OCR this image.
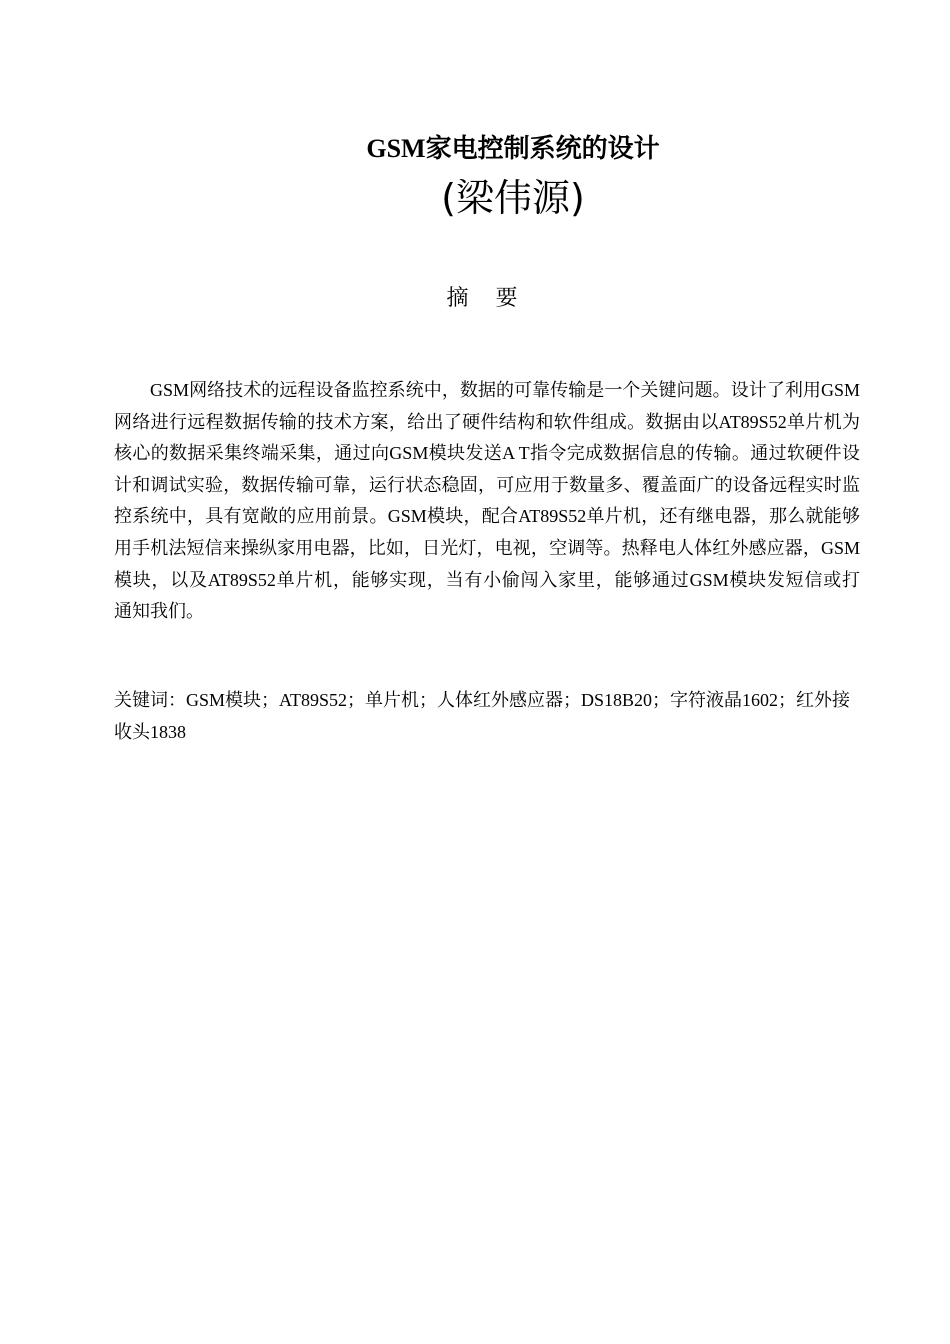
GSM家电控制系统的设计
(梁伟源)
摘 要

GSM网络技术的远程设备监控系统中，数据的可靠传输是一个关键问题。设计了利用GSM网络进行远程数据传输的技术方案，给出了硬件结构和软件组成。数据由以AT89S52单片机为核心的数据采集终端采集，通过向GSM模块发送A T指令完成数据信息的传输。通过软硬件设计和调试实验，数据传输可靠，运行状态稳固，可应用于数量多、覆盖面广的设备远程实时监控系统中，具有宽敞的应用前景。GSM模块，配合AT89S52单片机，还有继电器，那么就能够用手机法短信来操纵家用电器，比如，日光灯，电视，空调等。热释电人体红外感应器，GSM模块，以及AT89S52单片机，能够实现，当有小偷闯入家里，能够通过GSM模块发短信或打　通知我们。

关键词：GSM模块；AT89S52；单片机；人体红外感应器；DS18B20；字符液晶1602；红外接收头1838
